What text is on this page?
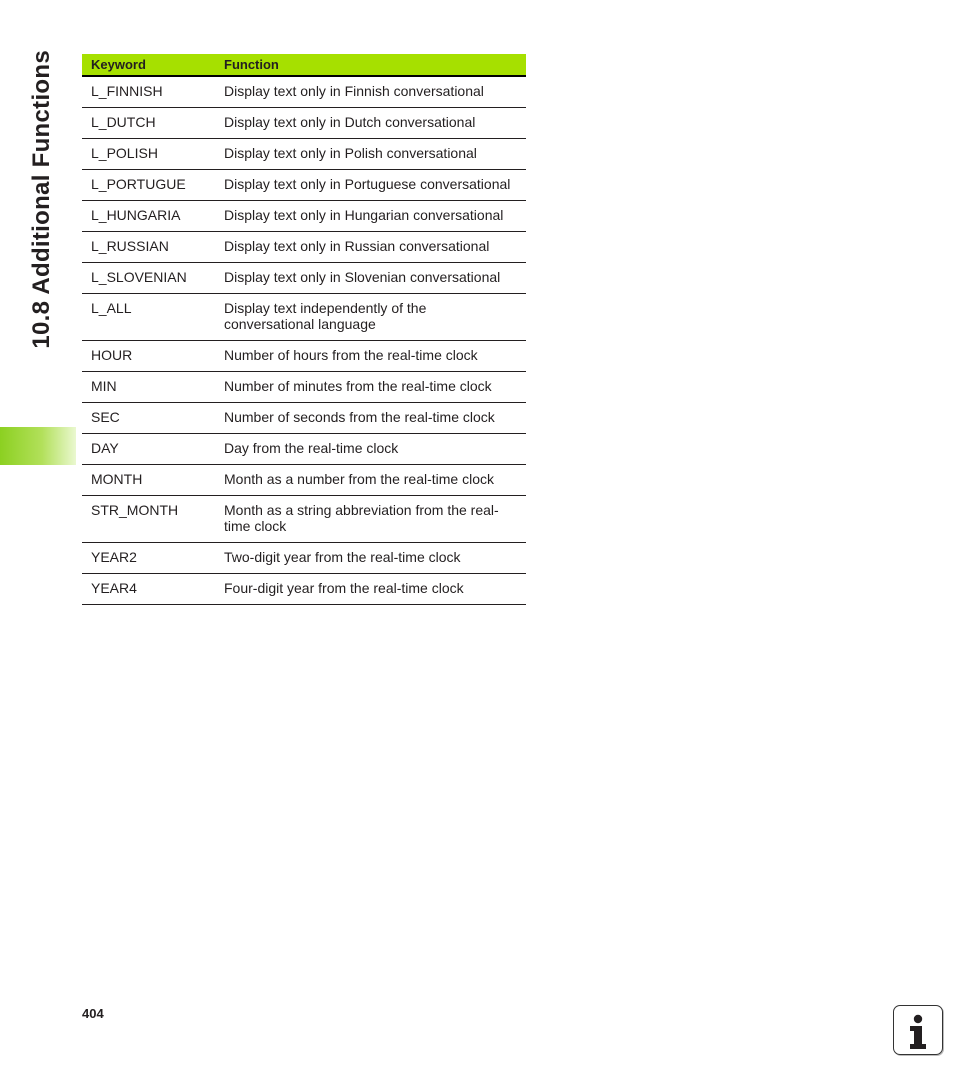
10.8 Additional Functions	Keyword	Function
L_FINNISH	Display text only in Finnish conversational
L_DUTCH	Display text only in Dutch conversational
L_POLISH	Display text only in Polish conversational
L_PORTUGUE	Display text only in Portuguese conversational
L_HUNGARIA	Display text only in Hungarian conversational
L_RUSSIAN	Display text only in Russian conversational
L_SLOVENIAN	Display text only in Slovenian conversational
L_ALL	Display text independently of the conversational language
HOUR	Number of hours from the real-time clock
MIN	Number of minutes from the real-time clock
SEC	Number of seconds from the real-time clock
DAY	Day from the real-time clock
MONTH	Month as a number from the real-time clock
STR_MONTH	Month as a string abbreviation from the real-time clock
YEAR2	Two-digit year from the real-time clock
YEAR4	Four-digit year from the real-time clock
404
